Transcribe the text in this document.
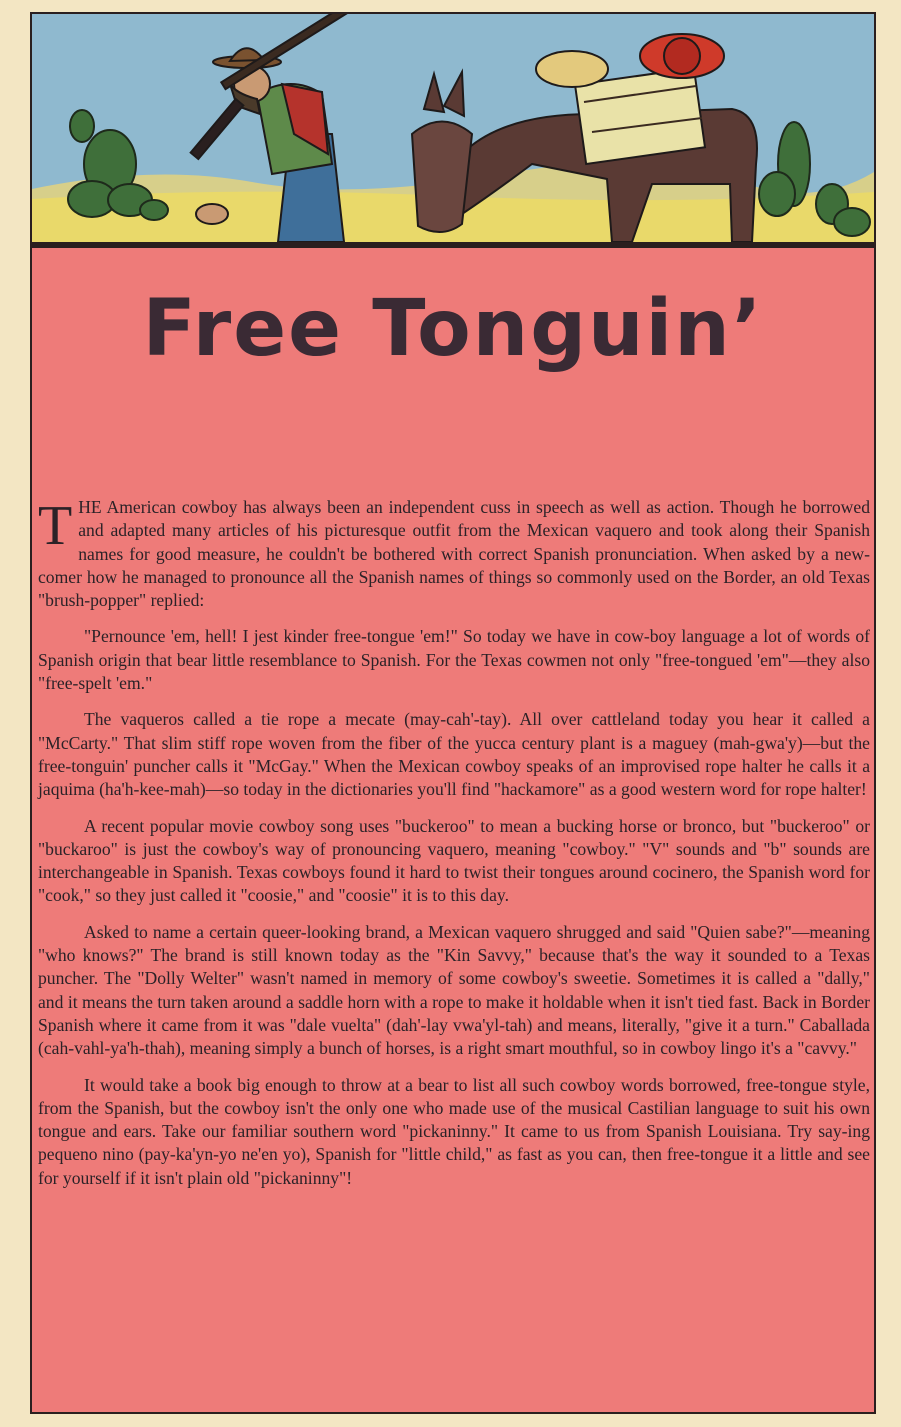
Free Tonguin’

THE American cowboy has always been an independent cuss in speech as well as action. Though he borrowed and adapted many articles of his picturesque outfit from the Mexican vaquero and took along their Spanish names for good measure, he couldn't be bothered with correct Spanish pronunciation. When asked by a new-comer how he managed to pronounce all the Spanish names of things so commonly used on the Border, an old Texas "brush-popper" replied:

"Pernounce 'em, hell! I jest kinder free-tongue 'em!" So today we have in cow-boy language a lot of words of Spanish origin that bear little resemblance to Spanish. For the Texas cowmen not only "free-tongued 'em"—they also "free-spelt 'em."

The vaqueros called a tie rope a mecate (may-cah'-tay). All over cattleland today you hear it called a "McCarty." That slim stiff rope woven from the fiber of the yucca century plant is a maguey (mah-gwa'y)—but the free-tonguin' puncher calls it "McGay." When the Mexican cowboy speaks of an improvised rope halter he calls it a jaquima (ha'h-kee-mah)—so today in the dictionaries you'll find "hackamore" as a good western word for rope halter!

A recent popular movie cowboy song uses "buckeroo" to mean a bucking horse or bronco, but "buckeroo" or "buckaroo" is just the cowboy's way of pronouncing vaquero, meaning "cowboy." "V" sounds and "b" sounds are interchangeable in Spanish. Texas cowboys found it hard to twist their tongues around cocinero, the Spanish word for "cook," so they just called it "coosie," and "coosie" it is to this day.

Asked to name a certain queer-looking brand, a Mexican vaquero shrugged and said "Quien sabe?"—meaning "who knows?" The brand is still known today as the "Kin Savvy," because that's the way it sounded to a Texas puncher. The "Dolly Welter" wasn't named in memory of some cowboy's sweetie. Sometimes it is called a "dally," and it means the turn taken around a saddle horn with a rope to make it holdable when it isn't tied fast. Back in Border Spanish where it came from it was "dale vuelta" (dah'-lay vwa'yl-tah) and means, literally, "give it a turn." Caballada (cah-vahl-ya'h-thah), meaning simply a bunch of horses, is a right smart mouthful, so in cowboy lingo it's a "cavvy."

It would take a book big enough to throw at a bear to list all such cowboy words borrowed, free-tongue style, from the Spanish, but the cowboy isn't the only one who made use of the musical Castilian language to suit his own tongue and ears. Take our familiar southern word "pickaninny." It came to us from Spanish Louisiana. Try say-ing pequeno nino (pay-ka'yn-yo ne'en yo), Spanish for "little child," as fast as you can, then free-tongue it a little and see for yourself if it isn't plain old "pickaninny"!
